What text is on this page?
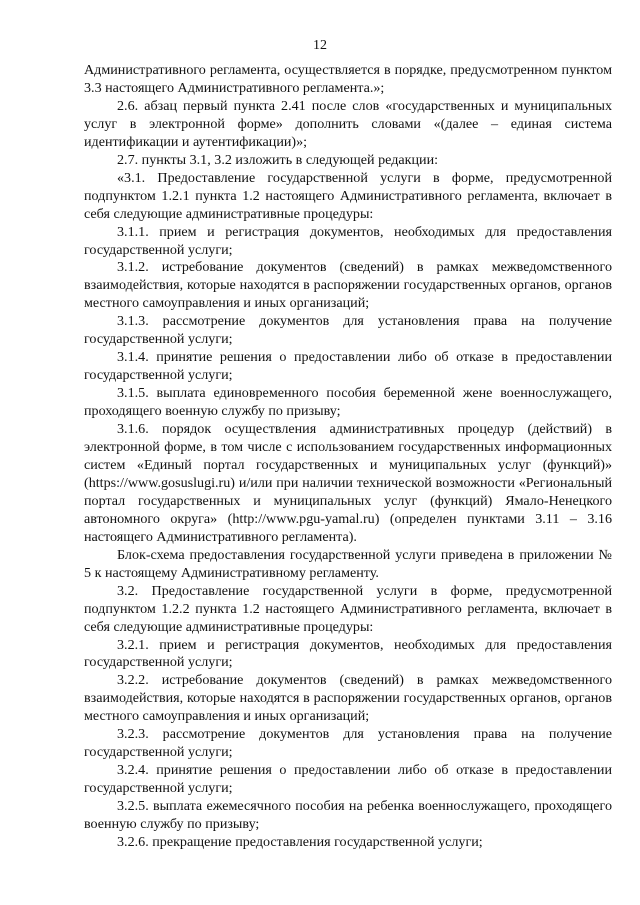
12

Административного регламента, осуществляется в порядке, предусмотренном пунктом 3.3 настоящего Административного регламента.»;

2.6. абзац первый пункта 2.41 после слов «государственных и муниципальных услуг в электронной форме» дополнить словами «(далее – единая система идентификации и аутентификации)»;

2.7. пункты 3.1, 3.2 изложить в следующей редакции:

«3.1. Предоставление государственной услуги в форме, предусмотренной подпунктом 1.2.1 пункта 1.2 настоящего Административного регламента, включает в себя следующие административные процедуры:

3.1.1. прием и регистрация документов, необходимых для предоставления государственной услуги;

3.1.2. истребование документов (сведений) в рамках межведомственного взаимодействия, которые находятся в распоряжении государственных органов, органов местного самоуправления и иных организаций;

3.1.3. рассмотрение документов для установления права на получение государственной услуги;

3.1.4. принятие решения о предоставлении либо об отказе в предоставлении государственной услуги;

3.1.5. выплата единовременного пособия беременной жене военнослужащего, проходящего военную службу по призыву;

3.1.6. порядок осуществления административных процедур (действий) в электронной форме, в том числе с использованием государственных информационных систем «Единый портал государственных и муниципальных услуг (функций)» (https://www.gosuslugi.ru) и/или при наличии технической возможности «Региональный портал государственных и муниципальных услуг (функций) Ямало-Ненецкого автономного округа» (http://www.pgu-yamal.ru) (определен пунктами 3.11 – 3.16 настоящего Административного регламента).

Блок-схема предоставления государственной услуги приведена в приложении № 5 к настоящему Административному регламенту.

3.2. Предоставление государственной услуги в форме, предусмотренной подпунктом 1.2.2 пункта 1.2 настоящего Административного регламента, включает в себя следующие административные процедуры:

3.2.1. прием и регистрация документов, необходимых для предоставления государственной услуги;

3.2.2. истребование документов (сведений) в рамках межведомственного взаимодействия, которые находятся в распоряжении государственных органов, органов местного самоуправления и иных организаций;

3.2.3. рассмотрение документов для установления права на получение государственной услуги;

3.2.4. принятие решения о предоставлении либо об отказе в предоставлении государственной услуги;

3.2.5. выплата ежемесячного пособия на ребенка военнослужащего, проходящего военную службу по призыву;

3.2.6. прекращение предоставления государственной услуги;
